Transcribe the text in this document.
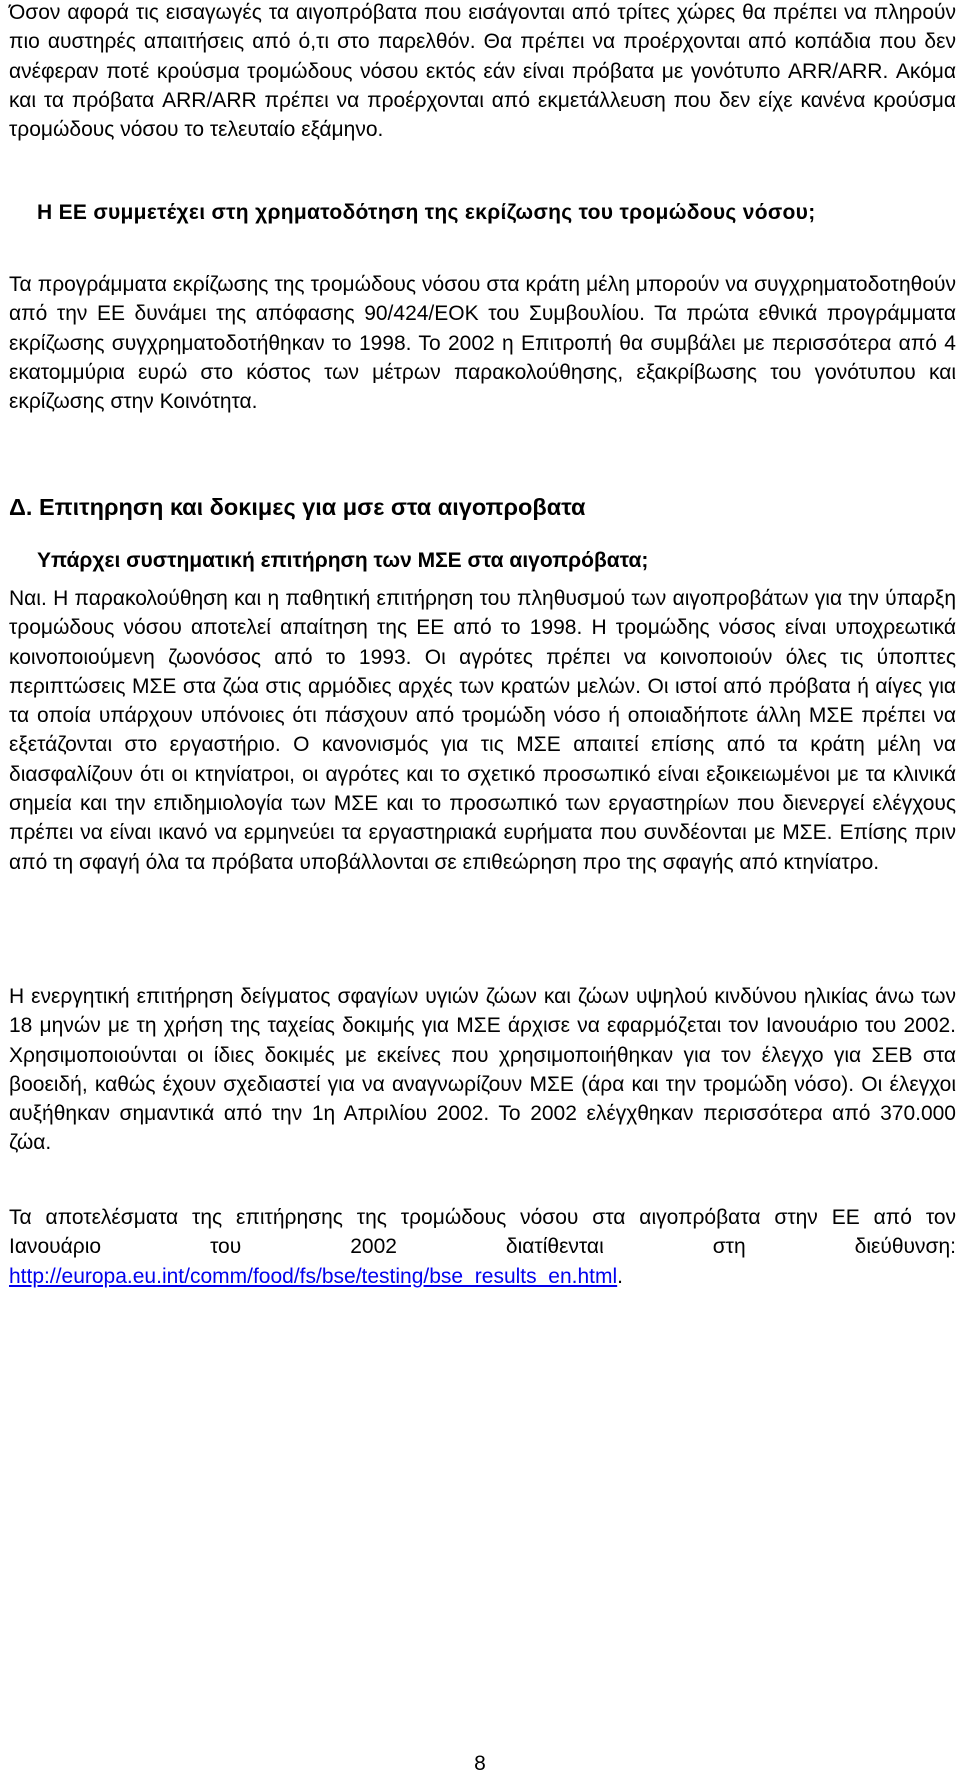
Όσον αφορά τις εισαγωγές τα αιγοπρόβατα που εισάγονται από τρίτες χώρες θα πρέπει να πληρούν πιο αυστηρές απαιτήσεις από ό,τι στο παρελθόν. Θα πρέπει να προέρχονται από κοπάδια που δεν ανέφεραν ποτέ κρούσμα τρομώδους νόσου εκτός εάν είναι πρόβατα με γονότυπο ARR/ARR. Ακόμα και τα πρόβατα ARR/ARR πρέπει να προέρχονται από εκμετάλλευση που δεν είχε κανένα κρούσμα τρομώδους νόσου το τελευταίο εξάμηνο.

Η ΕΕ συμμετέχει στη χρηματοδότηση της εκρίζωσης του τρομώδους νόσου;

Τα προγράμματα εκρίζωσης της τρομώδους νόσου στα κράτη μέλη μπορούν να συγχρηματοδοτηθούν από την ΕΕ δυνάμει της απόφασης 90/424/ΕΟΚ του Συμβουλίου. Τα πρώτα εθνικά προγράμματα εκρίζωσης συγχρηματοδοτήθηκαν το 1998. Το 2002 η Επιτροπή θα συμβάλει με περισσότερα από 4 εκατομμύρια ευρώ στο κόστος των μέτρων παρακολούθησης, εξακρίβωσης του γονότυπου και εκρίζωσης στην Κοινότητα.

Δ. Επιτηρηση και δοκιμες για μσε στα αιγοπροβατα
Υπάρχει συστηματική επιτήρηση των ΜΣΕ στα αιγοπρόβατα;

Ναι. Η παρακολούθηση και η παθητική επιτήρηση του πληθυσμού των αιγοπροβάτων για την ύπαρξη τρομώδους νόσου αποτελεί απαίτηση της ΕΕ από το 1998. Η τρομώδης νόσος είναι υποχρεωτικά κοινοποιούμενη ζωονόσος από το 1993. Οι αγρότες πρέπει να κοινοποιούν όλες τις ύποπτες περιπτώσεις ΜΣΕ στα ζώα στις αρμόδιες αρχές των κρατών μελών. Οι ιστοί από πρόβατα ή αίγες για τα οποία υπάρχουν υπόνοιες ότι πάσχουν από τρομώδη νόσο ή οποιαδήποτε άλλη ΜΣΕ πρέπει να εξετάζονται στο εργαστήριο. Ο κανονισμός για τις ΜΣΕ απαιτεί επίσης από τα κράτη μέλη να διασφαλίζουν ότι οι κτηνίατροι, οι αγρότες και το σχετικό προσωπικό είναι εξοικειωμένοι με τα κλινικά σημεία και την επιδημιολογία των ΜΣΕ και το προσωπικό των εργαστηρίων που διενεργεί ελέγχους πρέπει να είναι ικανό να ερμηνεύει τα εργαστηριακά ευρήματα που συνδέονται με ΜΣΕ. Επίσης πριν από τη σφαγή όλα τα πρόβατα υποβάλλονται σε επιθεώρηση προ της σφαγής από κτηνίατρο.

Η ενεργητική επιτήρηση δείγματος σφαγίων υγιών ζώων και ζώων υψηλού κινδύνου ηλικίας άνω των 18 μηνών με τη χρήση της ταχείας δοκιμής για ΜΣΕ άρχισε να εφαρμόζεται τον Ιανουάριο του 2002. Χρησιμοποιούνται οι ίδιες δοκιμές με εκείνες που χρησιμοποιήθηκαν για τον έλεγχο για ΣΕΒ στα βοοειδή, καθώς έχουν σχεδιαστεί για να αναγνωρίζουν ΜΣΕ (άρα και την τρομώδη νόσο). Οι έλεγχοι αυξήθηκαν σημαντικά από την 1η Απριλίου 2002. Το 2002 ελέγχθηκαν περισσότερα από 370.000 ζώα.

Τα αποτελέσματα της επιτήρησης της τρομώδους νόσου στα αιγοπρόβατα στην ΕΕ από τον Ιανουάριο του 2002 διατίθενται στη διεύθυνση: http://europa.eu.int/comm/food/fs/bse/testing/bse_results_en.html.

8
